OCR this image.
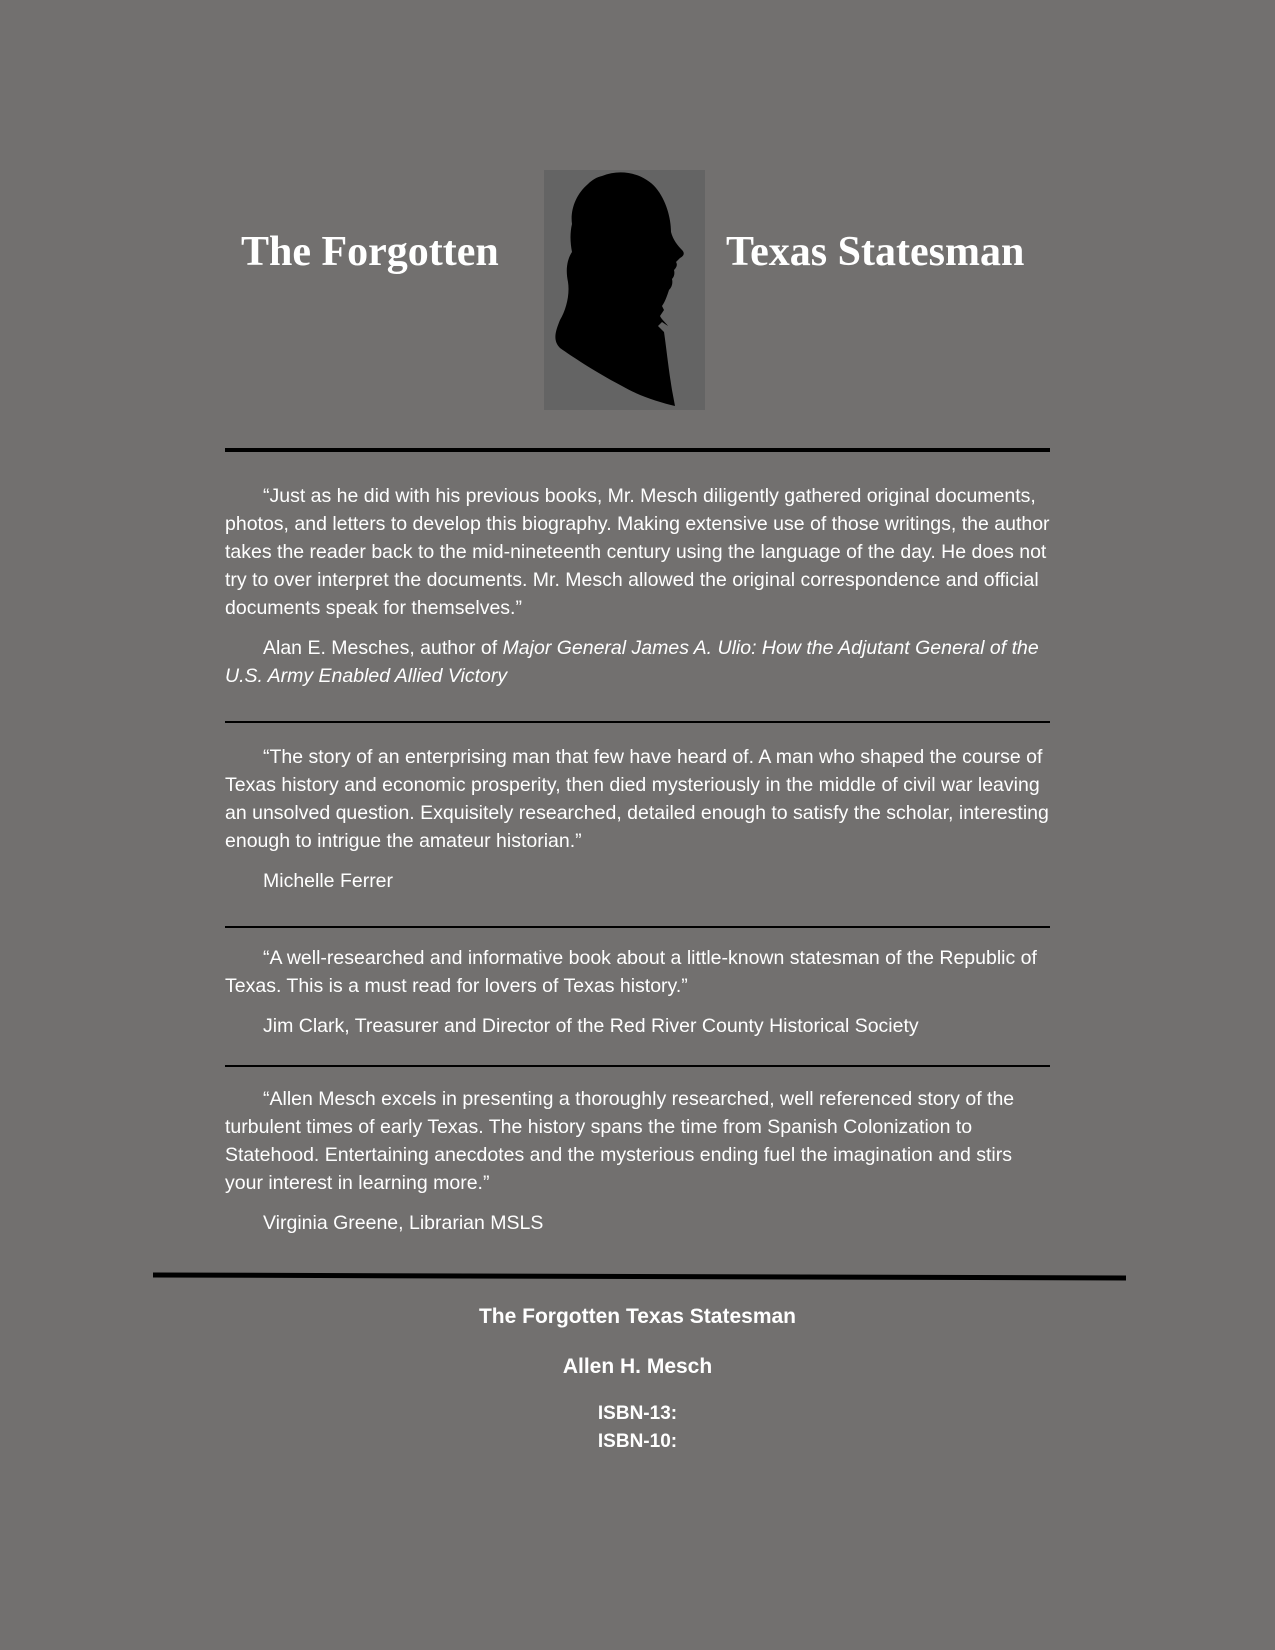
The Forgotten	Texas Statesman

“Just as he did with his previous books, Mr. Mesch diligently gathered original documents, photos, and letters to develop this biography. Making extensive use of those writings, the author takes the reader back to the mid-nineteenth century using the language of the day. He does not try to over interpret the documents. Mr. Mesch allowed the original correspondence and official documents speak for themselves.”

Alan E. Mesches, author of Major General James A. Ulio: How the Adjutant General of the U.S. Army Enabled Allied Victory

“The story of an enterprising man that few have heard of. A man who shaped the course of Texas history and economic prosperity, then died mysteriously in the middle of civil war leaving an unsolved question. Exquisitely researched, detailed enough to satisfy the scholar, interesting enough to intrigue the amateur historian.”

Michelle Ferrer

“A well-researched and informative book about a little-known statesman of the Republic of Texas. This is a must read for lovers of Texas history.”

Jim Clark, Treasurer and Director of the Red River County Historical Society

“Allen Mesch excels in presenting a thoroughly researched, well referenced story of the turbulent times of early Texas. The history spans the time from Spanish Colonization to Statehood. Entertaining anecdotes and the mysterious ending fuel the imagination and stirs your interest in learning more.”

Virginia Greene, Librarian MSLS

The Forgotten Texas Statesman
Allen H. Mesch
ISBN-13:
ISBN-10:
